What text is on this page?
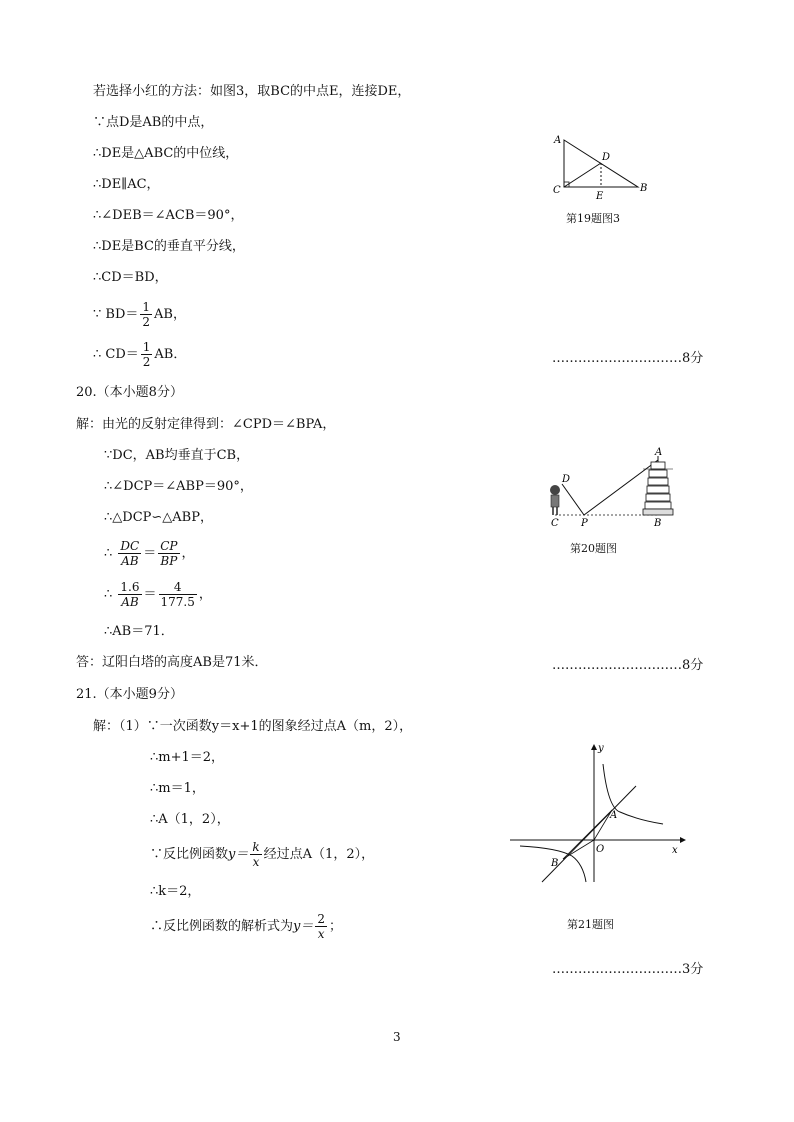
若选择小红的方法：如图3，取BC的中点E，连接DE，
∵点D是AB的中点，
∴DE是△ABC的中位线，
∴DE∥AC，
∴∠DEB＝∠ACB＝90°，
∴DE是BC的垂直平分线，
∴CD＝BD，
∵ $BD= \frac{1}{2}$ AB，
∴ $CD= \frac{1}{2}$ AB．	…………………………8分
A
D
C
E
B
第19题图3
20.（本小题8分）
解：由光的反射定律得到：∠CPD＝∠BPA，
∵DC，AB均垂直于CB，
∴∠DCP＝∠ABP＝90°，
∴△DCP∽△ABP，
∴ $\frac{DC}{AB} = \frac{CP}{BP}$ ，
∴ $\frac{1.6}{AB} = \frac{4}{177.5}$ ，
∴AB＝71．
答：辽阳白塔的高度AB是71米．	…………………………8分
D
A
C P	B
第20题图
21.（本小题9分）
解：（1）∵一次函数y＝x+1的图象经过点A（m，2），
∴m+1＝2，
∴m＝1，
∴A（1，2），
∵反比例函数$y= \frac{k}{x}$ 经过点A（1，2），
∴k＝2，
∴反比例函数的解析式为$y= \frac{2}{x}$ ；
…………………………3分
y
x
A
O
B
第21题图
3
